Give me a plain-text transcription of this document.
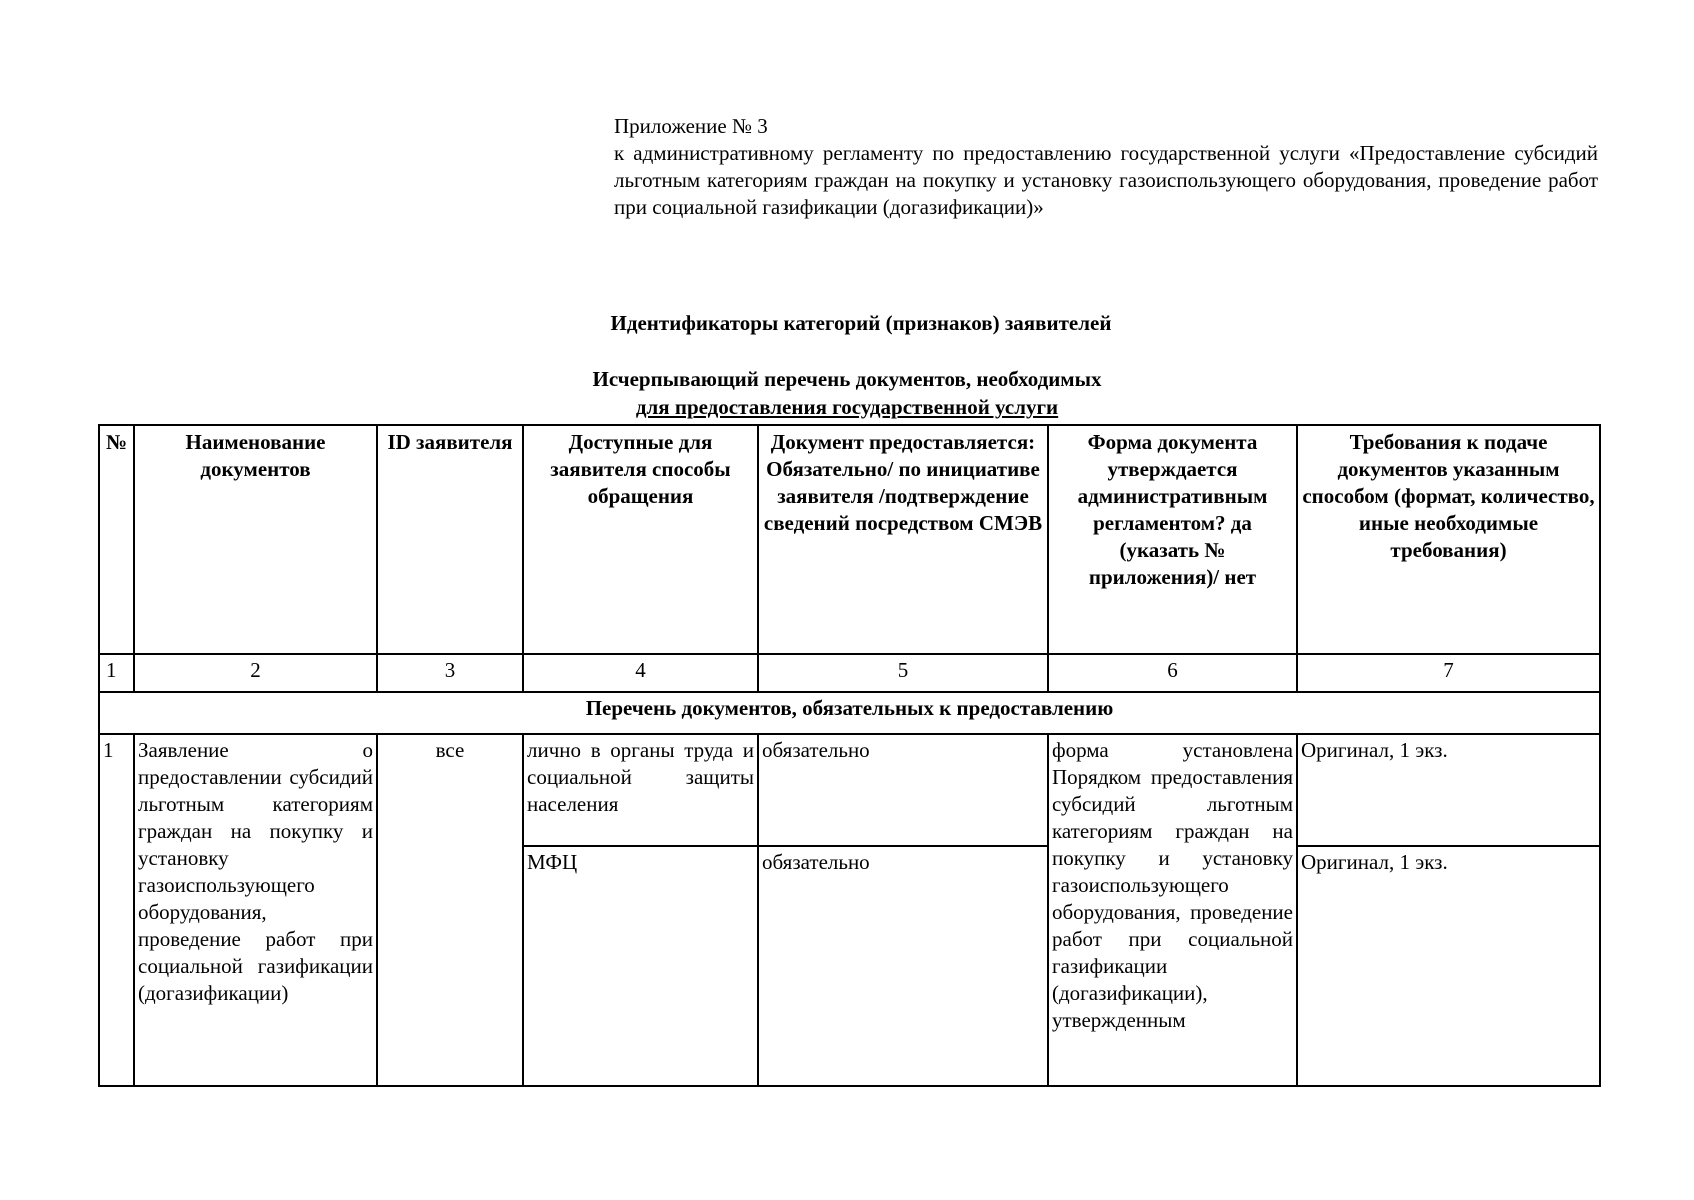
Приложение № 3
к административному регламенту по предоставлению государственной услуги «Предоставление субсидий льготным категориям граждан на покупку и установку газоиспользующего оборудования, проведение работ при социальной газификации (догазификации)»
Идентификаторы категорий (признаков) заявителей
Исчерпывающий перечень документов, необходимых
для предоставления государственной услуги
№	Наименование документов	ID заявителя	Доступные для заявителя способы обращения	Документ предоставляется: Обязательно/ по инициативе заявителя /подтверждение сведений посредством СМЭВ	Форма документа утверждается административным регламентом? да (указать № приложения)/ нет	Требования к подаче документов указанным способом (формат, количество, иные необходимые требования)
1	2	3	4	5	6	7
Перечень документов, обязательных к предоставлению						
1	Заявление о предоставлении субсидий льготным категориям граждан на покупку и установку газоиспользующего оборудования, проведение работ при социальной газификации (догазификации)	все	лично в органы труда и социальной защиты населения	обязательно	форма установлена Порядком предоставления субсидий льготным категориям граждан на покупку и установку газоиспользующего оборудования, проведение работ при социальной газификации (догазификации), утвержденным	Оригинал, 1 экз.
			МФЦ	обязательно		Оригинал, 1 экз.
